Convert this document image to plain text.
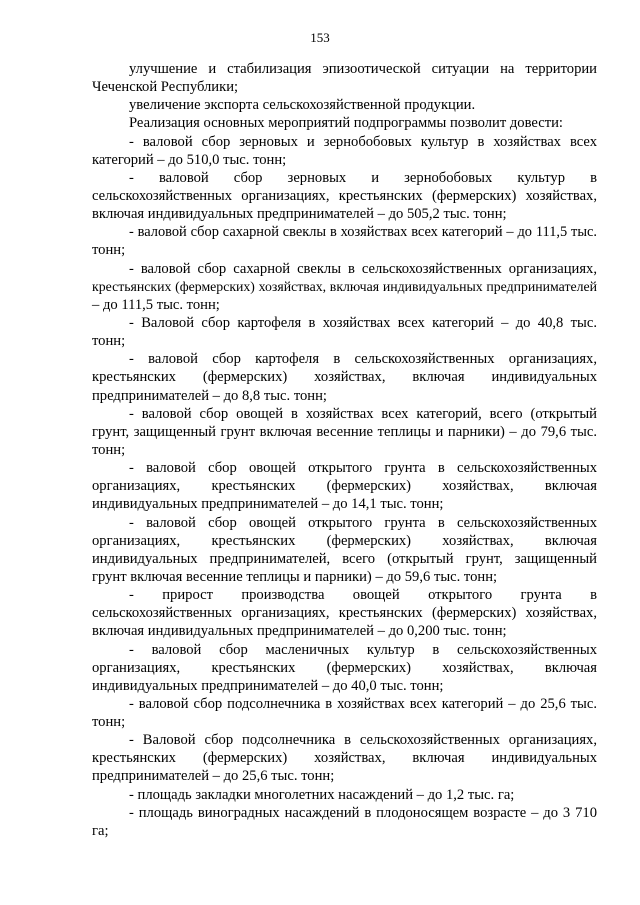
153
улучшение и стабилизация эпизоотической ситуации на территории
Чеченской Республики;
увеличение экспорта сельскохозяйственной продукции.
Реализация основных мероприятий подпрограммы позволит довести:
- валовой сбор зерновых и зернобобовых культур в хозяйствах всех
категорий – до 510,0 тыс. тонн;
- валовой сбор зерновых и зернобобовых культур в
сельскохозяйственных организациях, крестьянских (фермерских) хозяйствах,
включая индивидуальных предпринимателей – до 505,2 тыс. тонн;
- валовой сбор сахарной свеклы в хозяйствах всех категорий – до 111,5 тыс.
тонн;
- валовой сбор сахарной свеклы в сельскохозяйственных организациях,
крестьянских (фермерских) хозяйствах, включая индивидуальных предпринимателей
– до 111,5 тыс. тонн;
- Валовой сбор картофеля в хозяйствах всех категорий – до 40,8 тыс.
тонн;
- валовой сбор картофеля в сельскохозяйственных организациях,
крестьянских (фермерских) хозяйствах, включая индивидуальных
предпринимателей – до 8,8 тыс. тонн;
- валовой сбор овощей в хозяйствах всех категорий, всего (открытый
грунт, защищенный грунт включая весенние теплицы и парники) – до 79,6 тыс.
тонн;
- валовой сбор овощей открытого грунта в сельскохозяйственных
организациях, крестьянских (фермерских) хозяйствах, включая
индивидуальных предпринимателей – до 14,1 тыс. тонн;
- валовой сбор овощей открытого грунта в сельскохозяйственных
организациях, крестьянских (фермерских) хозяйствах, включая
индивидуальных предпринимателей, всего (открытый грунт, защищенный
грунт включая весенние теплицы и парники) – до 59,6 тыс. тонн;
- прирост производства овощей открытого грунта в
сельскохозяйственных организациях, крестьянских (фермерских) хозяйствах,
включая индивидуальных предпринимателей – до 0,200 тыс. тонн;
- валовой сбор масленичных культур в сельскохозяйственных
организациях, крестьянских (фермерских) хозяйствах, включая
индивидуальных предпринимателей – до 40,0 тыс. тонн;
- валовой сбор подсолнечника в хозяйствах всех категорий – до 25,6 тыс.
тонн;
- Валовой сбор подсолнечника в сельскохозяйственных организациях,
крестьянских (фермерских) хозяйствах, включая индивидуальных
предпринимателей – до 25,6 тыс. тонн;
- площадь закладки многолетних насаждений – до 1,2 тыс. га;
- площадь виноградных насаждений в плодоносящем возрасте – до 3 710
га;
